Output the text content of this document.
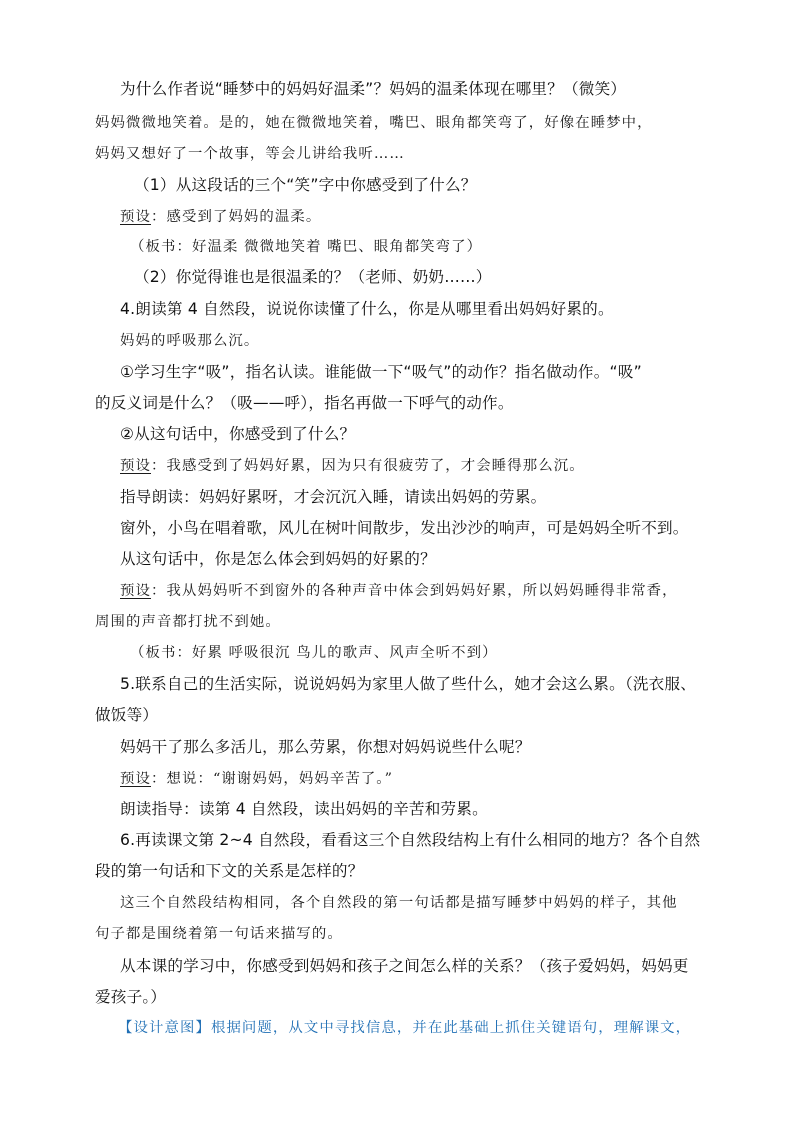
为什么作者说“睡梦中的妈妈好温柔”？妈妈的温柔体现在哪里？（微笑）
妈妈微微地笑着。是的，她在微微地笑着，嘴巴、眼角都笑弯了，好像在睡梦中，
妈妈又想好了一个故事，等会儿讲给我听……
（1）从这段话的三个“笑”字中你感受到了什么？
预设：感受到了妈妈的温柔。
（板书：好温柔 微微地笑着 嘴巴、眼角都笑弯了）
（2）你觉得谁也是很温柔的？（老师、奶奶……）
4.朗读第 4 自然段，说说你读懂了什么，你是从哪里看出妈妈好累的。
妈妈的呼吸那么沉。
①学习生字“吸”，指名认读。谁能做一下“吸气”的动作？指名做动作。“吸”
的反义词是什么？（吸——呼），指名再做一下呼气的动作。
②从这句话中，你感受到了什么？
预设：我感受到了妈妈好累，因为只有很疲劳了，才会睡得那么沉。
指导朗读：妈妈好累呀，才会沉沉入睡，请读出妈妈的劳累。
窗外，小鸟在唱着歌，风儿在树叶间散步，发出沙沙的响声，可是妈妈全听不到。
从这句话中，你是怎么体会到妈妈的好累的？
预设：我从妈妈听不到窗外的各种声音中体会到妈妈好累，所以妈妈睡得非常香，
周围的声音都打扰不到她。
（板书：好累 呼吸很沉 鸟儿的歌声、风声全听不到）
5.联系自己的生活实际，说说妈妈为家里人做了些什么，她才会这么累。（洗衣服、
做饭等）
妈妈干了那么多活儿，那么劳累，你想对妈妈说些什么呢？
预设：想说：“谢谢妈妈，妈妈辛苦了。”
朗读指导：读第 4 自然段，读出妈妈的辛苦和劳累。
6.再读课文第 2~4 自然段，看看这三个自然段结构上有什么相同的地方？各个自然
段的第一句话和下文的关系是怎样的？
这三个自然段结构相同，各个自然段的第一句话都是描写睡梦中妈妈的样子，其他
句子都是围绕着第一句话来描写的。
从本课的学习中，你感受到妈妈和孩子之间怎么样的关系？（孩子爱妈妈，妈妈更
爱孩子。）
【设计意图】根据问题，从文中寻找信息，并在此基础上抓住关键语句，理解课文，
